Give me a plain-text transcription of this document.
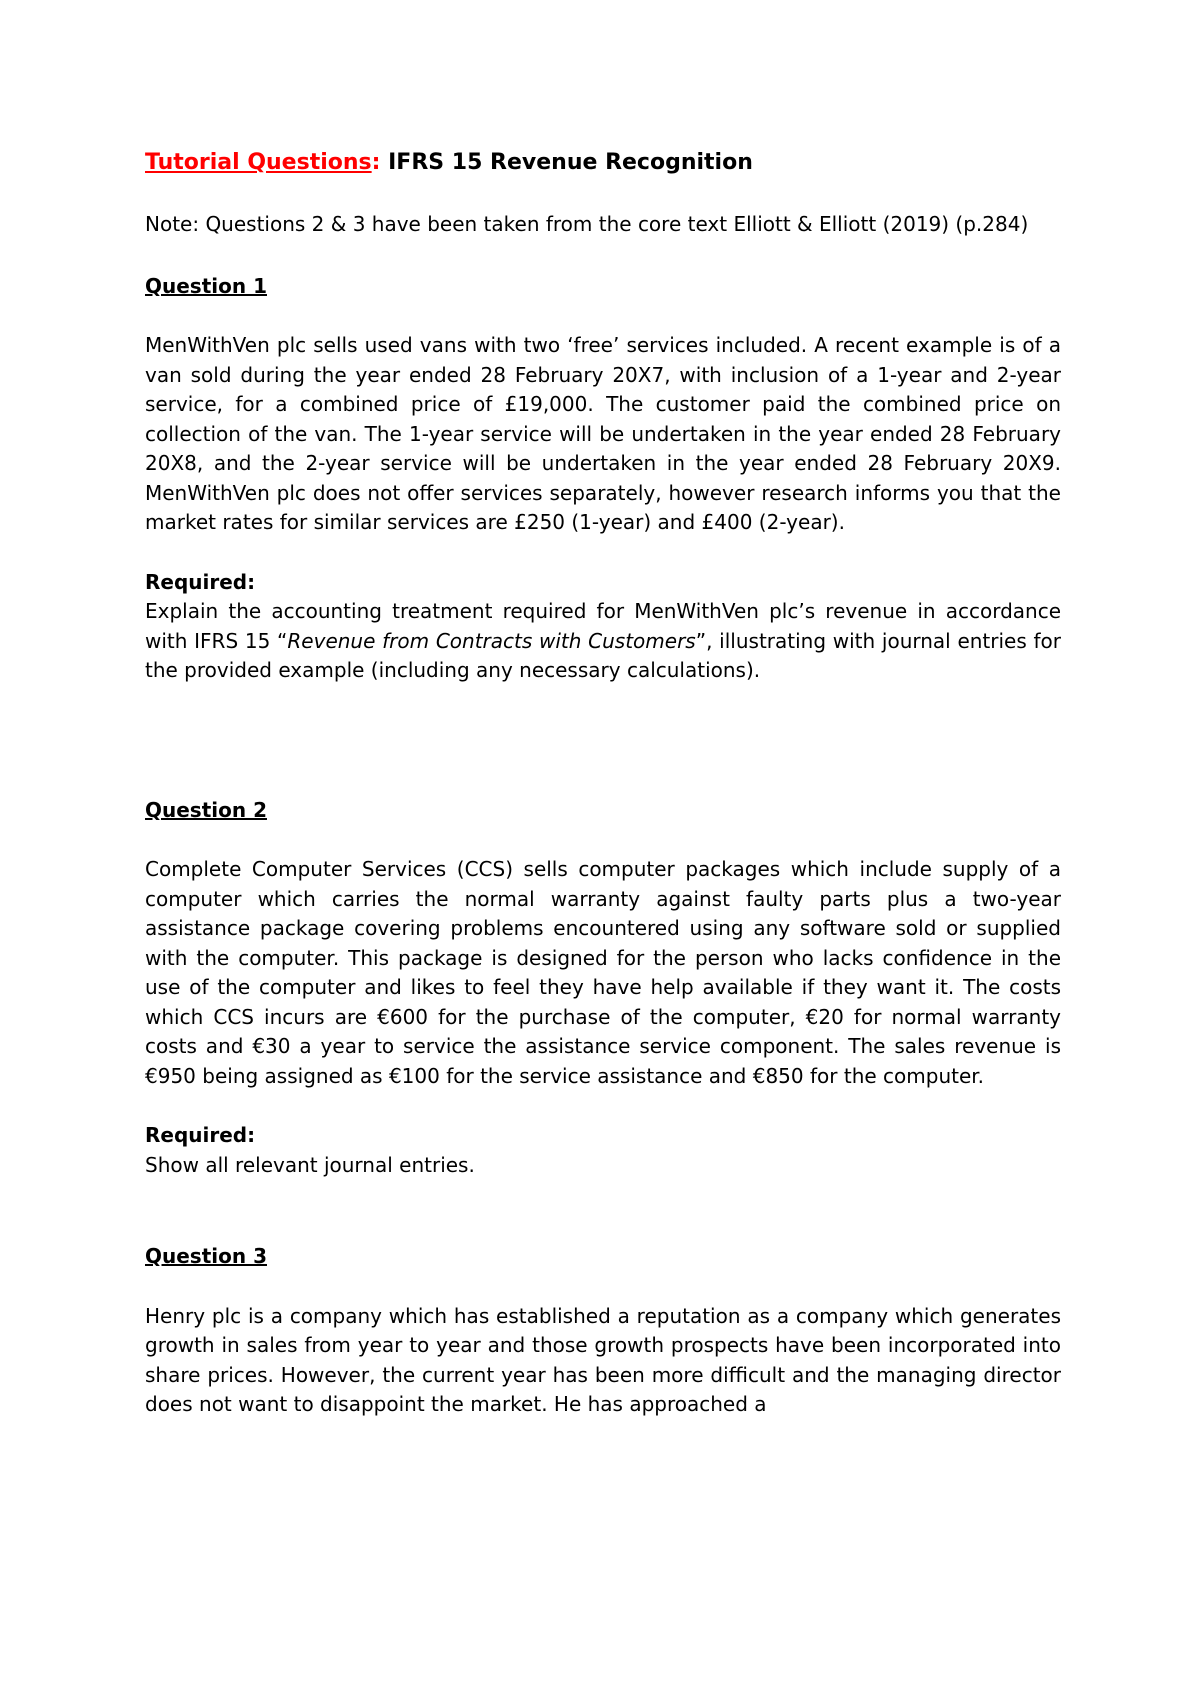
Tutorial Questions: IFRS 15 Revenue Recognition

Note: Questions 2 & 3 have been taken from the core text Elliott & Elliott (2019) (p.284)

Question 1

MenWithVen plc sells used vans with two ‘free’ services included. A recent example is of a van sold during the year ended 28 February 20X7, with inclusion of a 1-year and 2-year service, for a combined price of £19,000. The customer paid the combined price on collection of the van. The 1-year service will be undertaken in the year ended 28 February 20X8, and the 2-year service will be undertaken in the year ended 28 February 20X9. MenWithVen plc does not offer services separately, however research informs you that the market rates for similar services are £250 (1-year) and £400 (2-year).

Required:

Explain the accounting treatment required for MenWithVen plc’s revenue in accordance with IFRS 15 “Revenue from Contracts with Customers”, illustrating with journal entries for the provided example (including any necessary calculations).

Question 2

Complete Computer Services (CCS) sells computer packages which include supply of a computer which carries the normal warranty against faulty parts plus a two-year assistance package covering problems encountered using any software sold or supplied with the computer. This package is designed for the person who lacks confidence in the use of the computer and likes to feel they have help available if they want it. The costs which CCS incurs are €600 for the purchase of the computer, €20 for normal warranty costs and €30 a year to service the assistance service component. The sales revenue is €950 being assigned as €100 for the service assistance and €850 for the computer.

Required:

Show all relevant journal entries.

Question 3

Henry plc is a company which has established a reputation as a company which generates growth in sales from year to year and those growth prospects have been incorporated into share prices. However, the current year has been more difficult and the managing director does not want to disappoint the market. He has approached a
